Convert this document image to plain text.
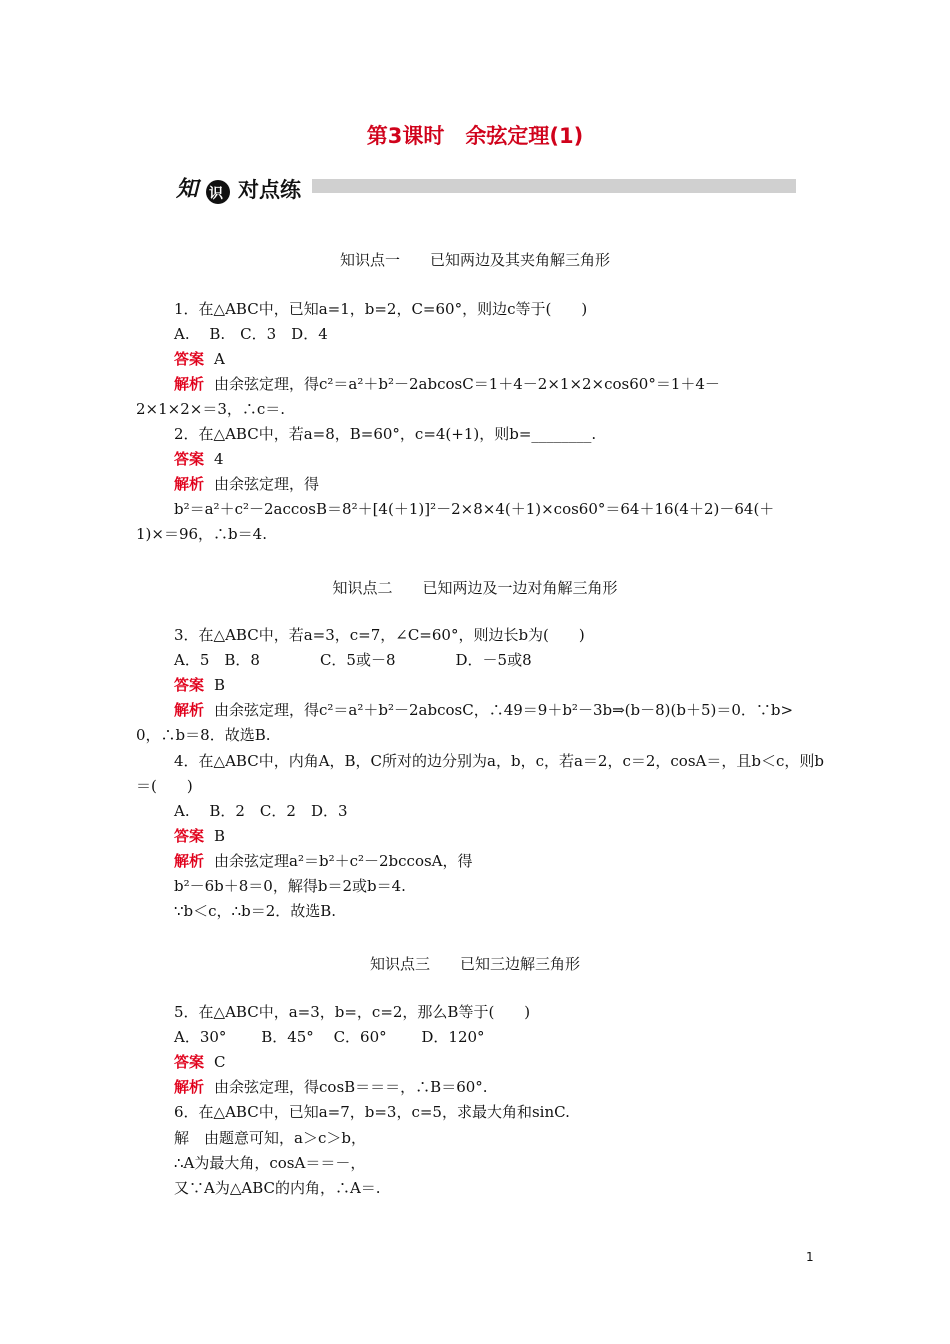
第3课时　余弦定理(1)
知 识 对点练
知识点一　　已知两边及其夹角解三角形
知识点二　　已知两边及一边对角解三角形
知识点三　　已知三边解三角形
1．在△ABC中，已知a=1，b=2，C=60°，则边c等于(　　)
A.　 B.　C．3　D．4
答案 A
解析 由余弦定理，得c²＝a²＋b²－2abcosC＝1＋4－2×1×2×cos60°＝1＋4－
2×1×2×＝3，∴c＝.
2．在△ABC中，若a=8，B=60°，c=4(+1)，则b=________.
答案 4
解析 由余弦定理，得
b²＝a²＋c²－2accosB＝8²＋[4(＋1)]²－2×8×4(＋1)×cos60°＝64＋16(4＋2)－64(＋
1)×＝96，∴b＝4.
3．在△ABC中，若a=3，c=7，∠C=60°，则边长b为(　　)
A．5　B．8　　　　C．5或－8　　　　D．－5或8
答案 B
解析 由余弦定理，得c²＝a²＋b²－2abcosC，∴49＝9＋b²－3b⇒(b－8)(b＋5)＝0．∵b>
0，∴b＝8．故选B.
4．在△ABC中，内角A，B，C所对的边分别为a，b，c，若a＝2，c＝2，cosA＝，且b＜c，则b
＝(　　)
A.　 B．2　C．2　D．3
答案 B
解析 由余弦定理a²＝b²＋c²－2bccosA，得
b²－6b＋8＝0，解得b＝2或b＝4.
∵b＜c，∴b＝2．故选B.
5．在△ABC中，a=3，b=，c=2，那么B等于(　　)
A．30°　　 B．45°　 C．60°　　 D．120°
答案 C
解析 由余弦定理，得cosB＝＝＝，∴B＝60°.
6．在△ABC中，已知a=7，b=3，c=5，求最大角和sinC.
解　由题意可知，a＞c＞b，
∴A为最大角，cosA＝＝－，
又∵A为△ABC的内角，∴A＝.
1
